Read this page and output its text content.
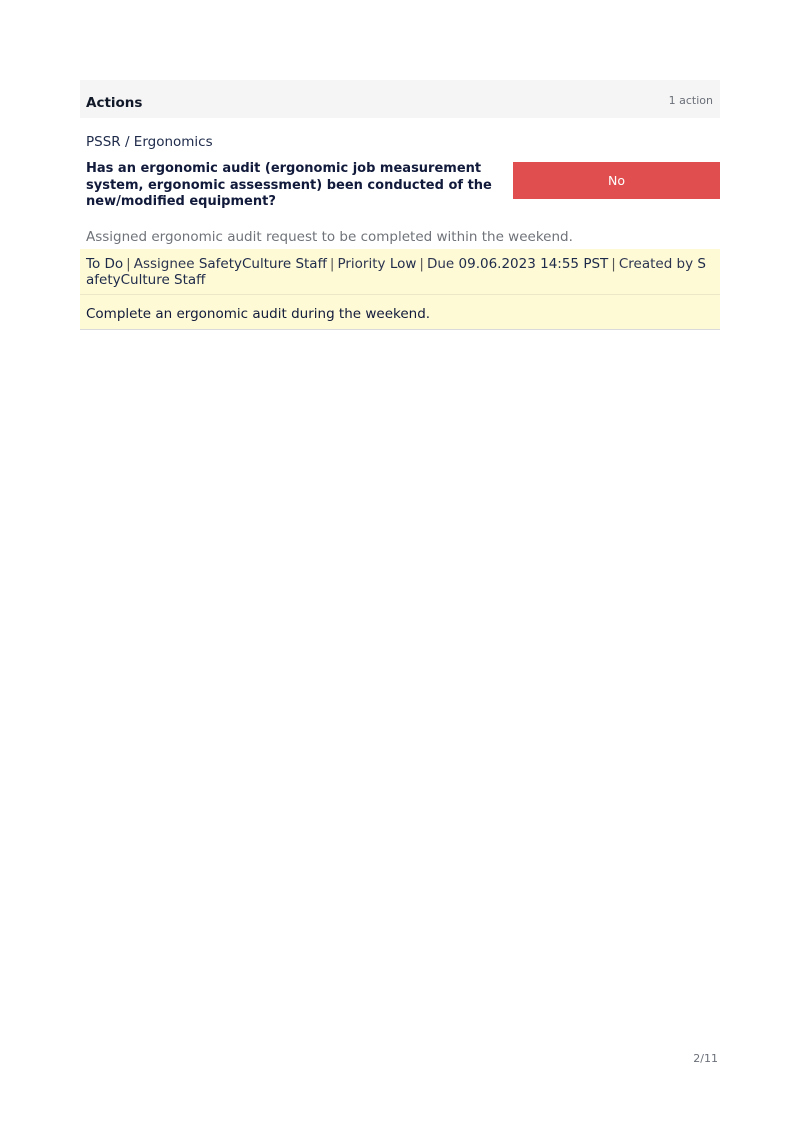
Actions	1 action
PSSR / Ergonomics
Has an ergonomic audit (ergonomic job measurement system, ergonomic assessment) been conducted of the new/modified equipment?
No
Assigned ergonomic audit request to be completed within the weekend.
To Do | Assignee SafetyCulture Staff | Priority Low | Due 09.06.2023 14:55 PST | Created by SafetyCulture Staff
Complete an ergonomic audit during the weekend.
2/11
